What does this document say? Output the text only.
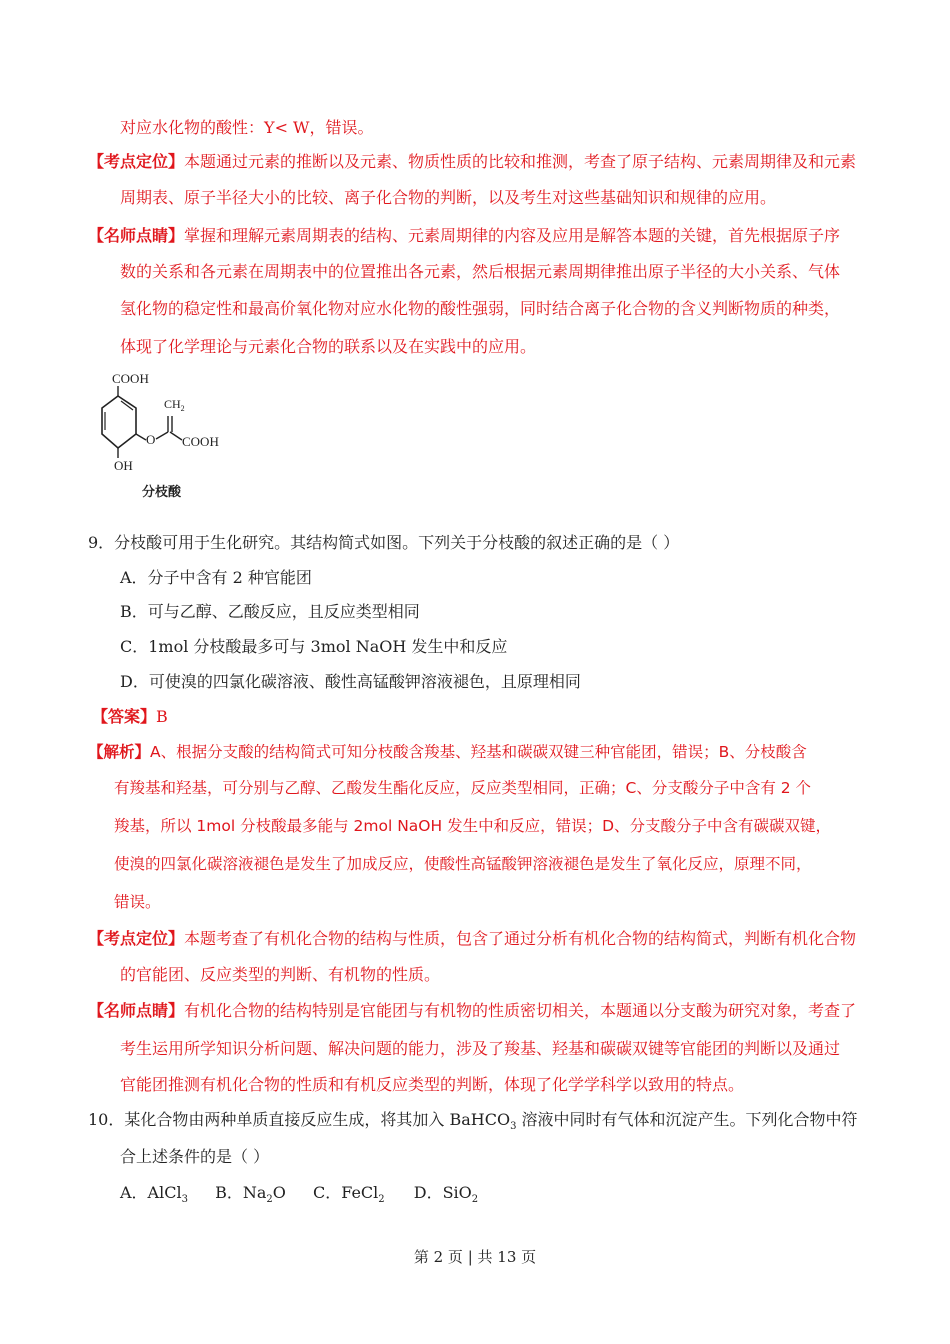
对应水化物的酸性：Y< W，错误。
【考点定位】本题通过元素的推断以及元素、物质性质的比较和推测，考查了原子结构、元素周期律及和元素
周期表、原子半径大小的比较、离子化合物的判断，以及考生对这些基础知识和规律的应用。
【名师点睛】掌握和理解元素周期表的结构、元素周期律的内容及应用是解答本题的关键，首先根据原子序
数的关系和各元素在周期表中的位置推出各元素，然后根据元素周期律推出原子半径的大小关系、气体
氢化物的稳定性和最高价氧化物对应水化物的酸性强弱，同时结合离子化合物的含义判断物质的种类，
体现了化学理论与元素化合物的联系以及在实践中的应用。
COOH
OH
O
$CH_2$
COOH
分枝酸
9．分枝酸可用于生化研究。其结构简式如图。下列关于分枝酸的叙述正确的是（ ）
A．分子中含有 2 种官能团
B．可与乙醇、乙酸反应，且反应类型相同
C．1mol 分枝酸最多可与 3mol NaOH 发生中和反应
D．可使溴的四氯化碳溶液、酸性高锰酸钾溶液褪色，且原理相同
【答案】B
【解析】A、根据分支酸的结构简式可知分枝酸含羧基、羟基和碳碳双键三种官能团，错误；B、分枝酸含
有羧基和羟基，可分别与乙醇、乙酸发生酯化反应，反应类型相同，正确；C、分支酸分子中含有 2 个
羧基，所以 1mol 分枝酸最多能与 2mol NaOH 发生中和反应，错误；D、分支酸分子中含有碳碳双键，
使溴的四氯化碳溶液褪色是发生了加成反应，使酸性高锰酸钾溶液褪色是发生了氧化反应，原理不同，
错误。
【考点定位】本题考查了有机化合物的结构与性质，包含了通过分析有机化合物的结构简式，判断有机化合物
的官能团、反应类型的判断、有机物的性质。
【名师点睛】有机化合物的结构特别是官能团与有机物的性质密切相关，本题通以分支酸为研究对象，考查了
考生运用所学知识分析问题、解决问题的能力，涉及了羧基、羟基和碳碳双键等官能团的判断以及通过
官能团推测有机化合物的性质和有机反应类型的判断，体现了化学学科学以致用的特点。
10．某化合物由两种单质直接反应生成，将其加入 BaHCO$_3$ 溶液中同时有气体和沉淀产生。下列化合物中符
合上述条件的是（ ）
A．AlCl$_3$ B．$Na_2O$ C．FeCl$_2$ D．SiO$_2$
第 2 页 | 共 13 页
